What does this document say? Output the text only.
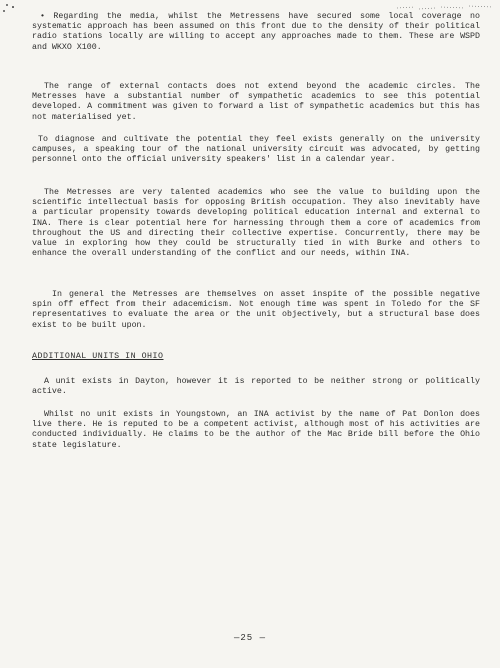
• Regarding the media, whilst the Metressens have secured some local coverage no systematic approach has been assumed on this front due to the density of their political radio stations locally are willing to accept any approaches made to them. These are WSPD and WKXO X100.

The range of external contacts does not extend beyond the academic circles. The Metresses have a substantial number of sympathetic academics to see this potential developed. A commitment was given to forward a list of sympathetic academics but this has not materialised yet.

To diagnose and cultivate the potential they feel exists generally on the university campuses, a speaking tour of the national university circuit was advocated, by getting personnel onto the official university speakers' list in a calendar year.

The Metresses are very talented academics who see the value to building upon the scientific intellectual basis for opposing British occupation. They also inevitably have a particular propensity towards developing political education internal and external to INA. There is clear potential here for harnessing through them a core of academics from throughout the US and directing their collective expertise. Concurrently, there may be value in exploring how they could be structurally tied in with Burke and others to enhance the overall understanding of the conflict and our needs, within INA.

In general the Metresses are themselves on asset inspite of the possible negative spin off effect from their adacemicism. Not enough time was spent in Toledo for the SF representatives to evaluate the area or the unit objectively, but a structural base does exist to be built upon.

ADDITIONAL UNITS IN OHIO

A unit exists in Dayton, however it is reported to be neither strong or politically active.

Whilst no unit exists in Youngstown, an INA activist by the name of Pat Donlon does live there. He is reputed to be a competent activist, although most of his activities are conducted individually. He claims to be the author of the Mac Bride bill before the Ohio state legislature.

—25 —
